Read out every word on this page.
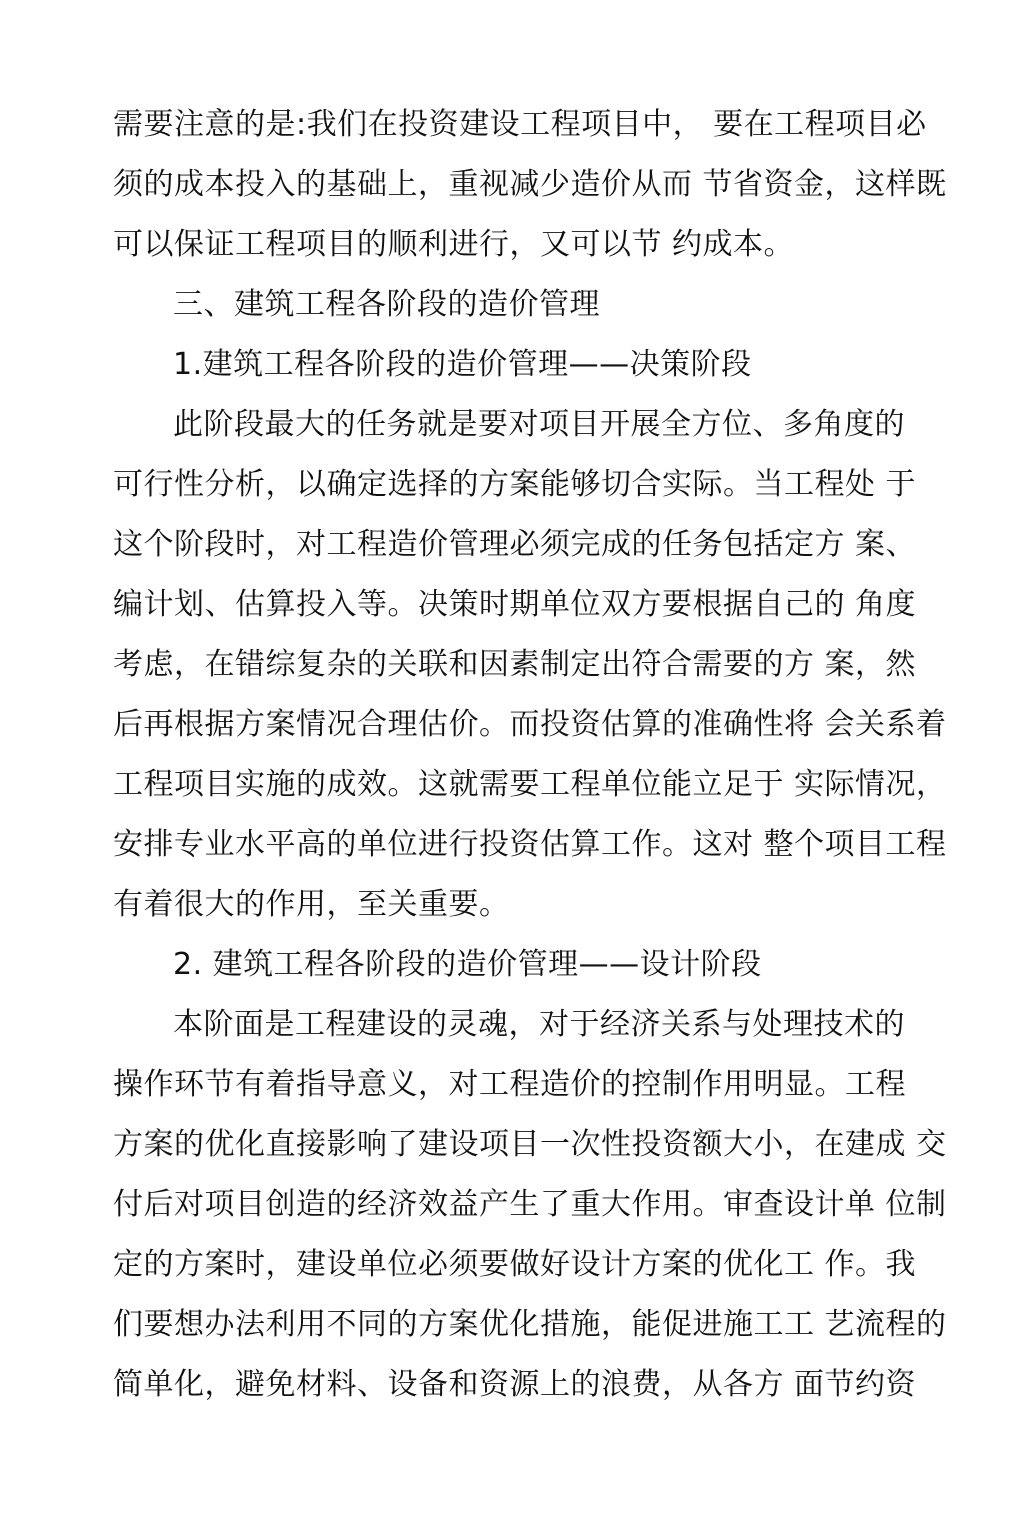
需要注意的是:我们在投资建设工程项目中， 要在工程项目必
须的成本投入的基础上，重视减少造价从而 节省资金，这样既
可以保证工程项目的顺利进行，又可以节 约成本。
三、建筑工程各阶段的造价管理
1.建筑工程各阶段的造价管理——决策阶段
此阶段最大的任务就是要对项目开展全方位、多角度的
可行性分析，以确定选择的方案能够切合实际。当工程处 于
这个阶段时，对工程造价管理必须完成的任务包括定方 案、
编计划、估算投入等。决策时期单位双方要根据自己的 角度
考虑，在错综复杂的关联和因素制定出符合需要的方 案，然
后再根据方案情况合理估价。而投资估算的准确性将 会关系着
工程项目实施的成效。这就需要工程单位能立足于 实际情况，
安排专业水平高的单位进行投资估算工作。这对 整个项目工程
有着很大的作用，至关重要。
2. 建筑工程各阶段的造价管理——设计阶段
本阶面是工程建设的灵魂，对于经济关系与处理技术的
操作环节有着指导意义，对工程造价的控制作用明显。工程
方案的优化直接影响了建设项目一次性投资额大小，在建成 交
付后对项目创造的经济效益产生了重大作用。审查设计单 位制
定的方案时，建设单位必须要做好设计方案的优化工 作。我
们要想办法利用不同的方案优化措施，能促进施工工 艺流程的
简单化，避免材料、设备和资源上的浪费，从各方 面节约资
